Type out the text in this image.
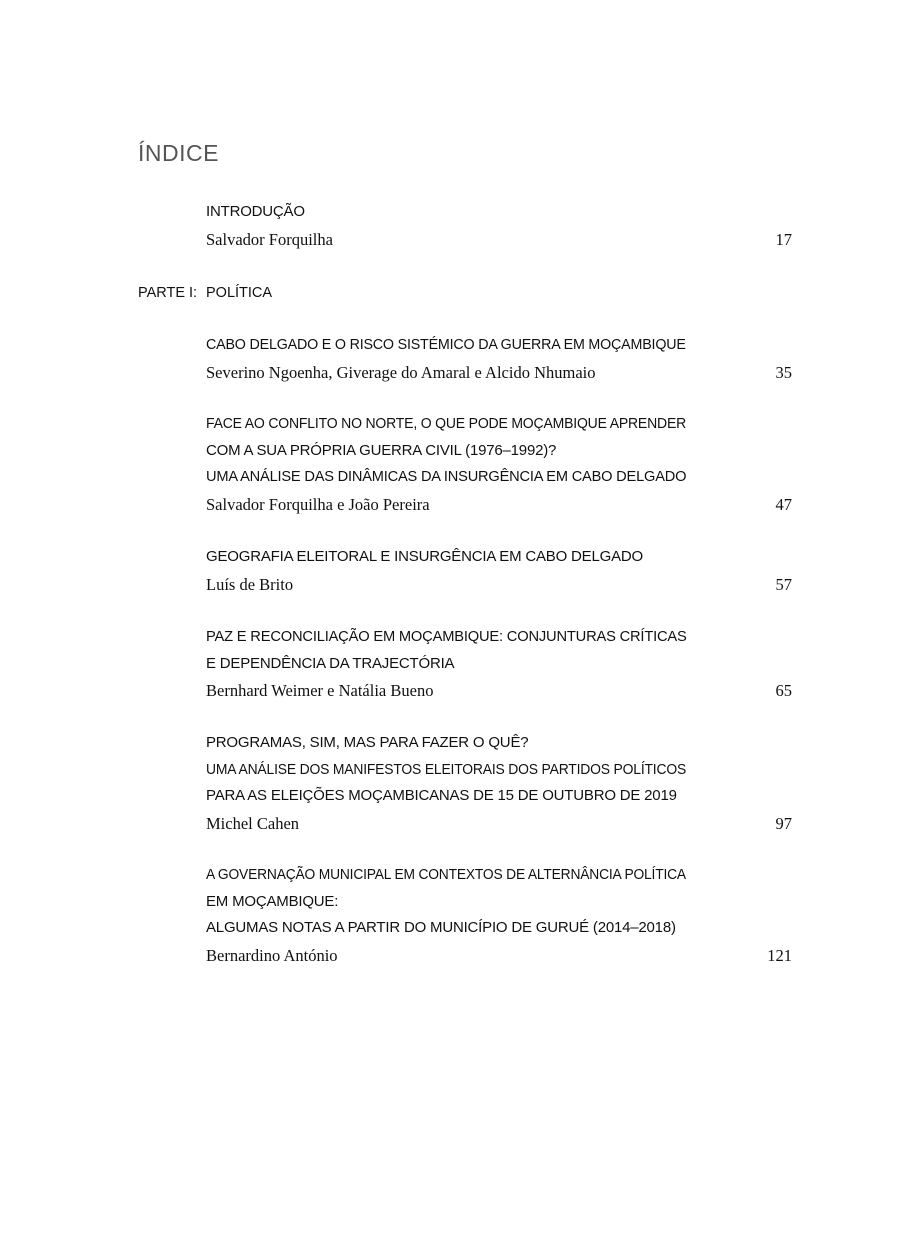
ÍNDICE
INTRODUÇÃO
Salvador Forquilha	17
PARTE I: POLÍTICA
CABO DELGADO E O RISCO SISTÉMICO DA GUERRA EM MOÇAMBIQUE
Severino Ngoenha, Giverage do Amaral e Alcido Nhumaio	35
FACE AO CONFLITO NO NORTE, O QUE PODE MOÇAMBIQUE APRENDER
COM A SUA PRÓPRIA GUERRA CIVIL (1976–1992)?
UMA ANÁLISE DAS DINÂMICAS DA INSURGÊNCIA EM CABO DELGADO
Salvador Forquilha e João Pereira	47
GEOGRAFIA ELEITORAL E INSURGÊNCIA EM CABO DELGADO
Luís de Brito	57
PAZ E RECONCILIAÇÃO EM MOÇAMBIQUE: CONJUNTURAS CRÍTICAS
E DEPENDÊNCIA DA TRAJECTÓRIA
Bernhard Weimer e Natália Bueno	65
PROGRAMAS, SIM, MAS PARA FAZER O QUÊ?
UMA ANÁLISE DOS MANIFESTOS ELEITORAIS DOS PARTIDOS POLÍTICOS
PARA AS ELEIÇÕES MOÇAMBICANAS DE 15 DE OUTUBRO DE 2019
Michel Cahen	97
A GOVERNAÇÃO MUNICIPAL EM CONTEXTOS DE ALTERNÂNCIA POLÍTICA
EM MOÇAMBIQUE:
ALGUMAS NOTAS A PARTIR DO MUNICÍPIO DE GURUÉ (2014–2018)
Bernardino António	121
